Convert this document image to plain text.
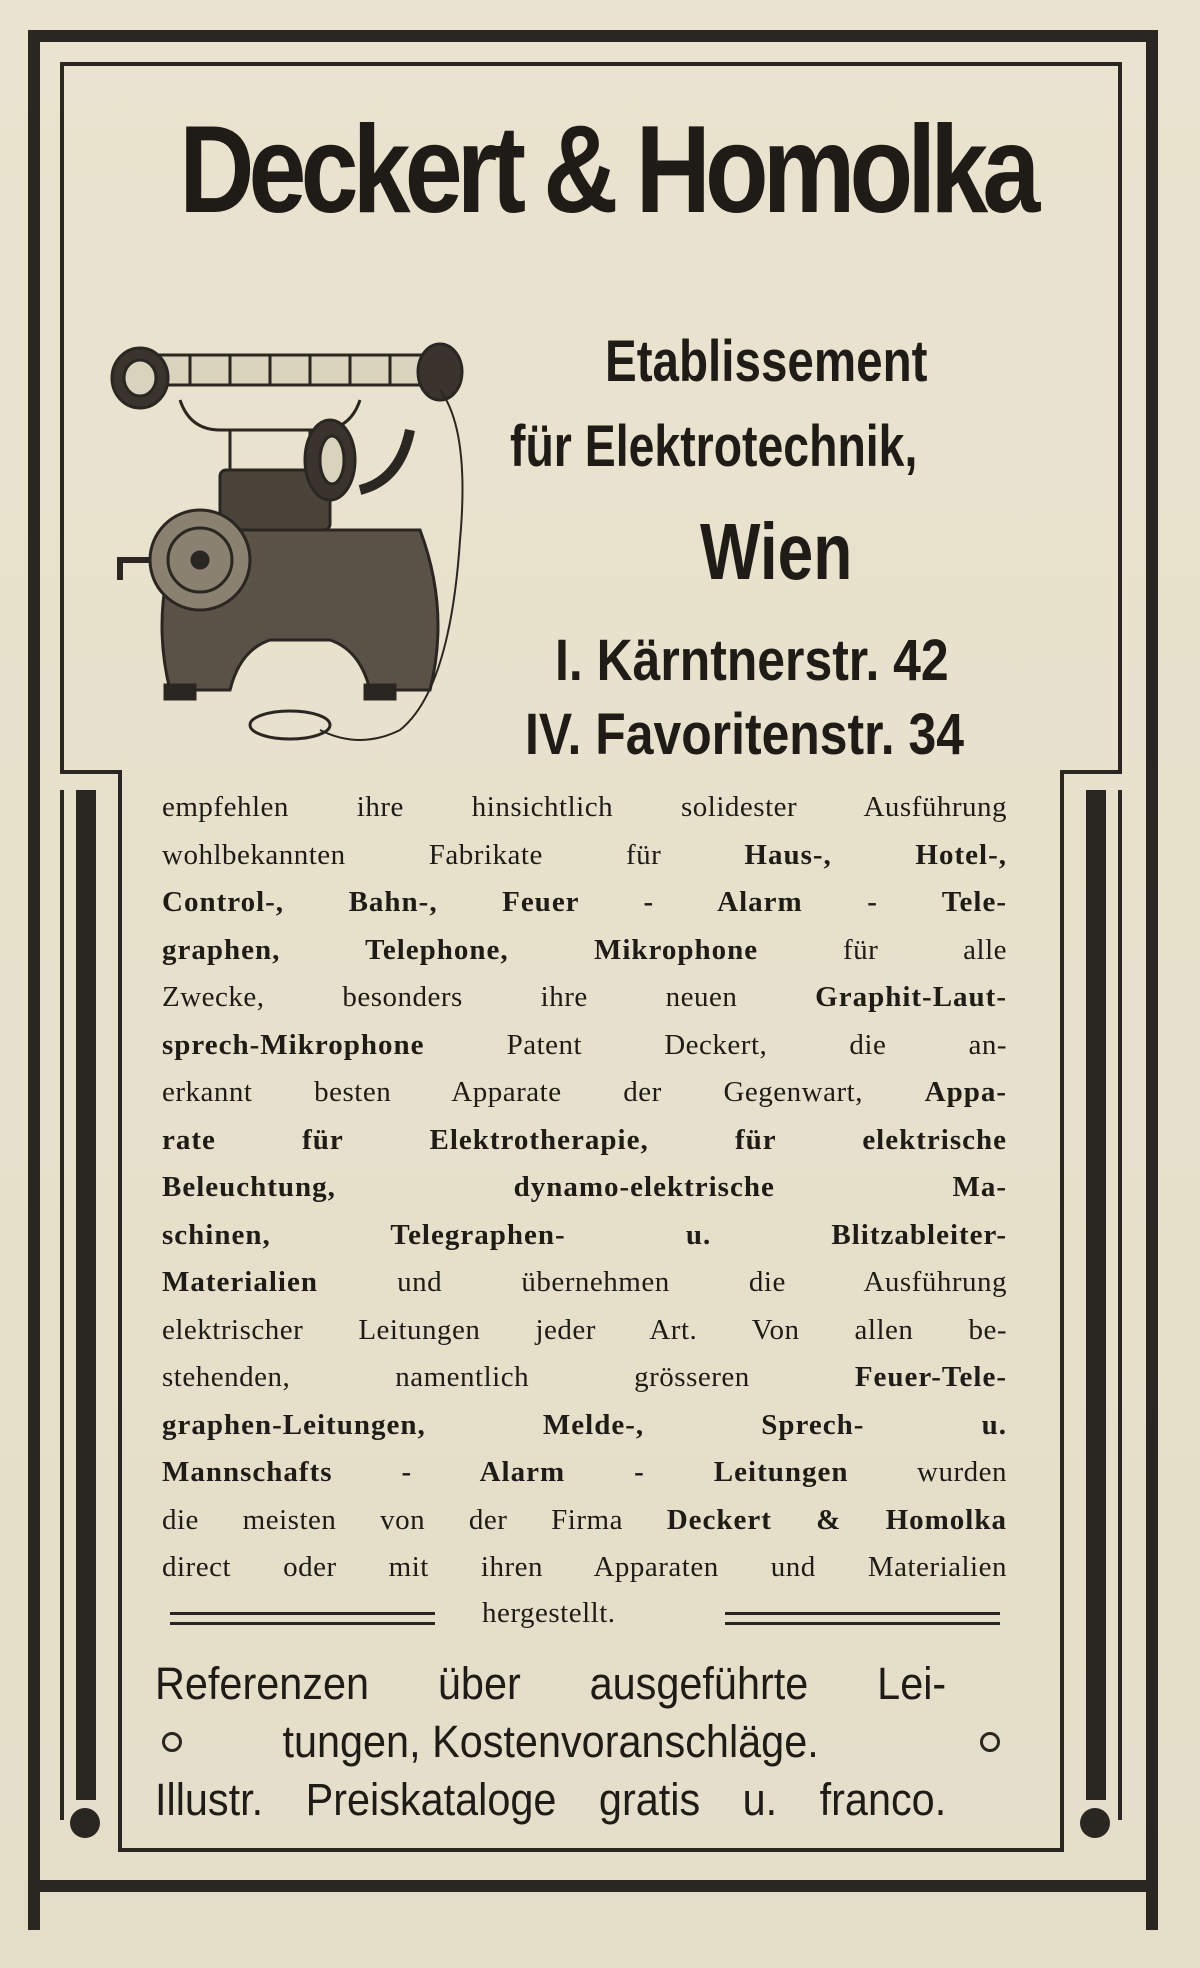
Deckert & Homolka
Etablissement
für Elektrotechnik,
Wien
I. Kärntnerstr. 42
IV. Favoritenstr. 34
empfehlen ihre hinsichtlich solidester Ausführung
wohlbekannten Fabrikate für Haus-, Hotel-,
Control-, Bahn-, Feuer - Alarm - Tele-
graphen, Telephone, Mikrophone für alle
Zwecke, besonders ihre neuen Graphit-Laut-
sprech-Mikrophone Patent Deckert, die an-
erkannt besten Apparate der Gegenwart, Appa-
rate für Elektrotherapie, für elektrische
Beleuchtung, dynamo-elektrische Ma-
schinen, Telegraphen- u. Blitzableiter-
Materialien und übernehmen die Ausführung
elektrischer Leitungen jeder Art. Von allen be-
stehenden, namentlich grösseren Feuer-Tele-
graphen-Leitungen, Melde-, Sprech- u.
Mannschafts - Alarm - Leitungen wurden
die meisten von der Firma Deckert & Homolka
direct oder mit ihren Apparaten und Materialien
hergestellt.
Referenzen über ausgeführte Lei-
tungen, Kostenvoranschläge.
Illustr. Preiskataloge gratis u. franco.
